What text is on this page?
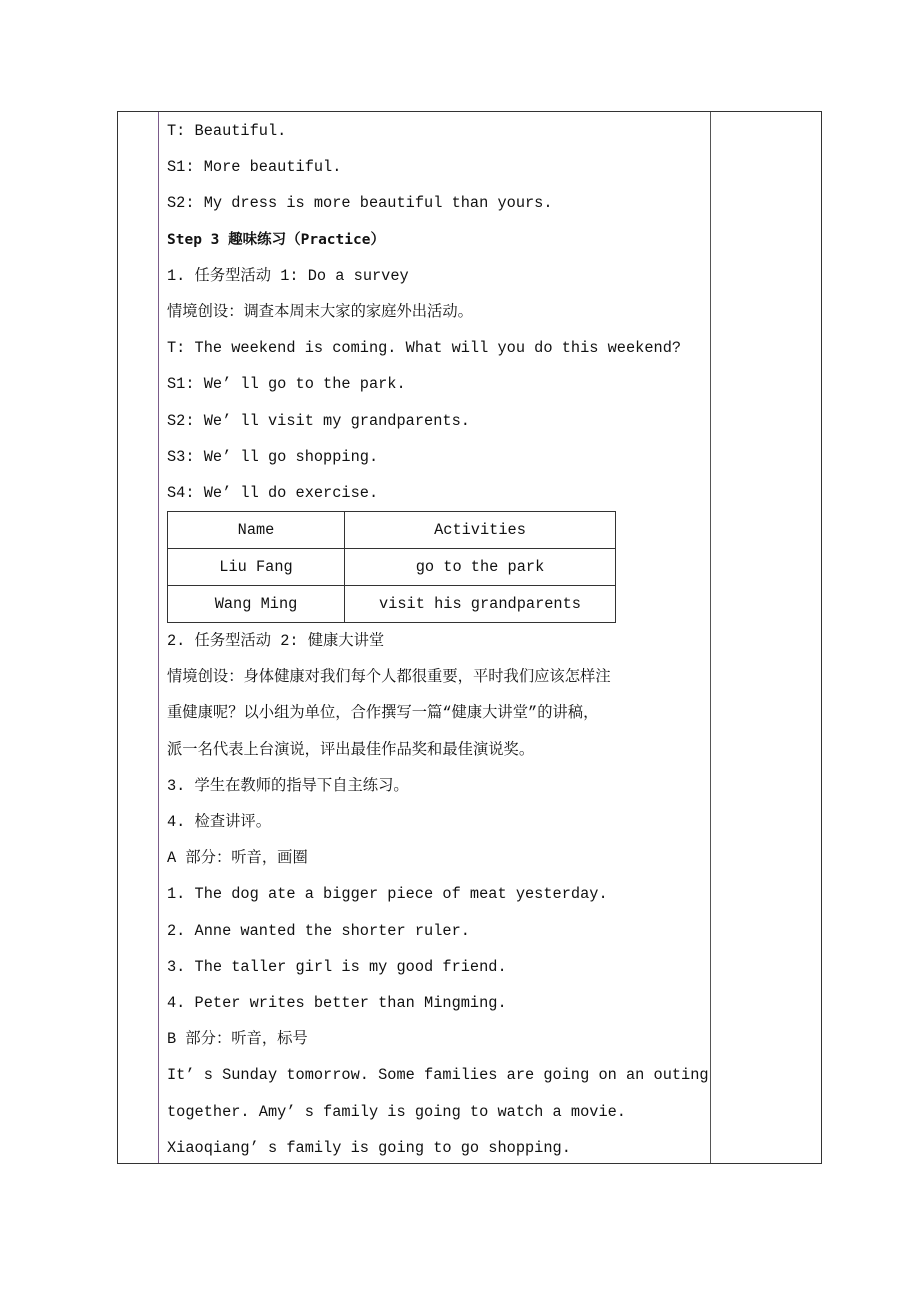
T: Beautiful.
S1: More beautiful.
S2: My dress is more beautiful than yours.
Step 3 趣味练习（Practice）
1. 任务型活动 1: Do a survey
情境创设：调查本周末大家的家庭外出活动。
T: The weekend is coming. What will you do this weekend?
S1: We’ ll go to the park.
S2: We’ ll visit my grandparents.
S3: We’ ll go shopping.
S4: We’ ll do exercise.
Name	Activities
Liu Fang	go to the park
Wang Ming	visit his grandparents
2. 任务型活动 2: 健康大讲堂
情境创设：身体健康对我们每个人都很重要，平时我们应该怎样注
重健康呢？以小组为单位，合作撰写一篇“健康大讲堂”的讲稿，
派一名代表上台演说，评出最佳作品奖和最佳演说奖。
3. 学生在教师的指导下自主练习。
4. 检查讲评。
A 部分：听音，画圈
1. The dog ate a bigger piece of meat yesterday.
2. Anne wanted the shorter ruler.
3. The taller girl is my good friend.
4. Peter writes better than Mingming.
B 部分：听音，标号
It’ s Sunday tomorrow. Some families are going on an outing
together. Amy’ s family is going to watch a movie.
Xiaoqiang’ s family is going to go shopping.
